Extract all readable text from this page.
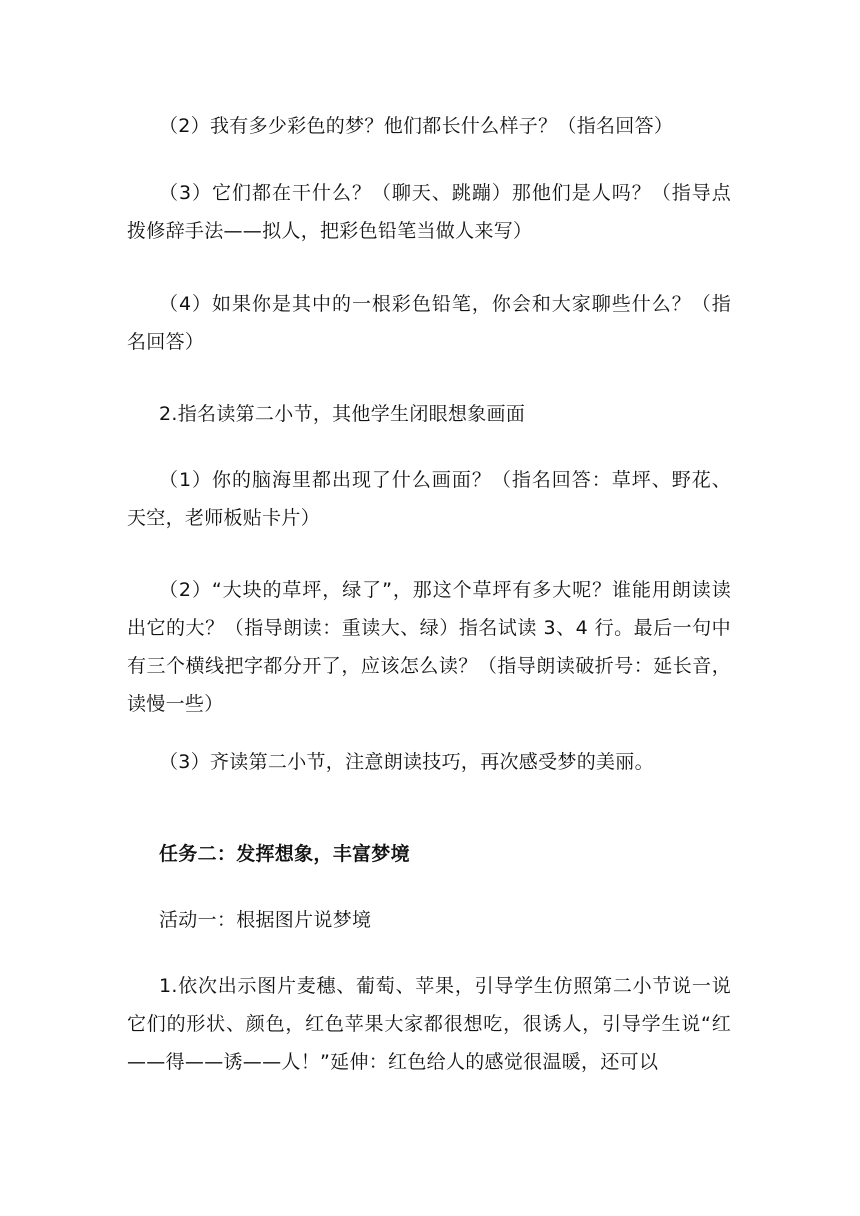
（2）我有多少彩色的梦？他们都长什么样子？（指名回答）

（3）它们都在干什么？（聊天、跳蹦）那他们是人吗？（指导点拨修辞手法——拟人，把彩色铅笔当做人来写）

（4）如果你是其中的一根彩色铅笔，你会和大家聊些什么？（指名回答）

2.指名读第二小节，其他学生闭眼想象画面

（1）你的脑海里都出现了什么画面？（指名回答：草坪、野花、天空，老师板贴卡片）

（2）“大块的草坪，绿了”，那这个草坪有多大呢？谁能用朗读读出它的大？（指导朗读：重读大、绿）指名试读 3、4 行。最后一句中有三个横线把字都分开了，应该怎么读？（指导朗读破折号：延长音，读慢一些）

（3）齐读第二小节，注意朗读技巧，再次感受梦的美丽。

任务二：发挥想象，丰富梦境

活动一：根据图片说梦境

1.依次出示图片麦穗、葡萄、苹果，引导学生仿照第二小节说一说它们的形状、颜色，红色苹果大家都很想吃，很诱人，引导学生说“红——得——诱——人！”延伸：红色给人的感觉很温暖，还可以
